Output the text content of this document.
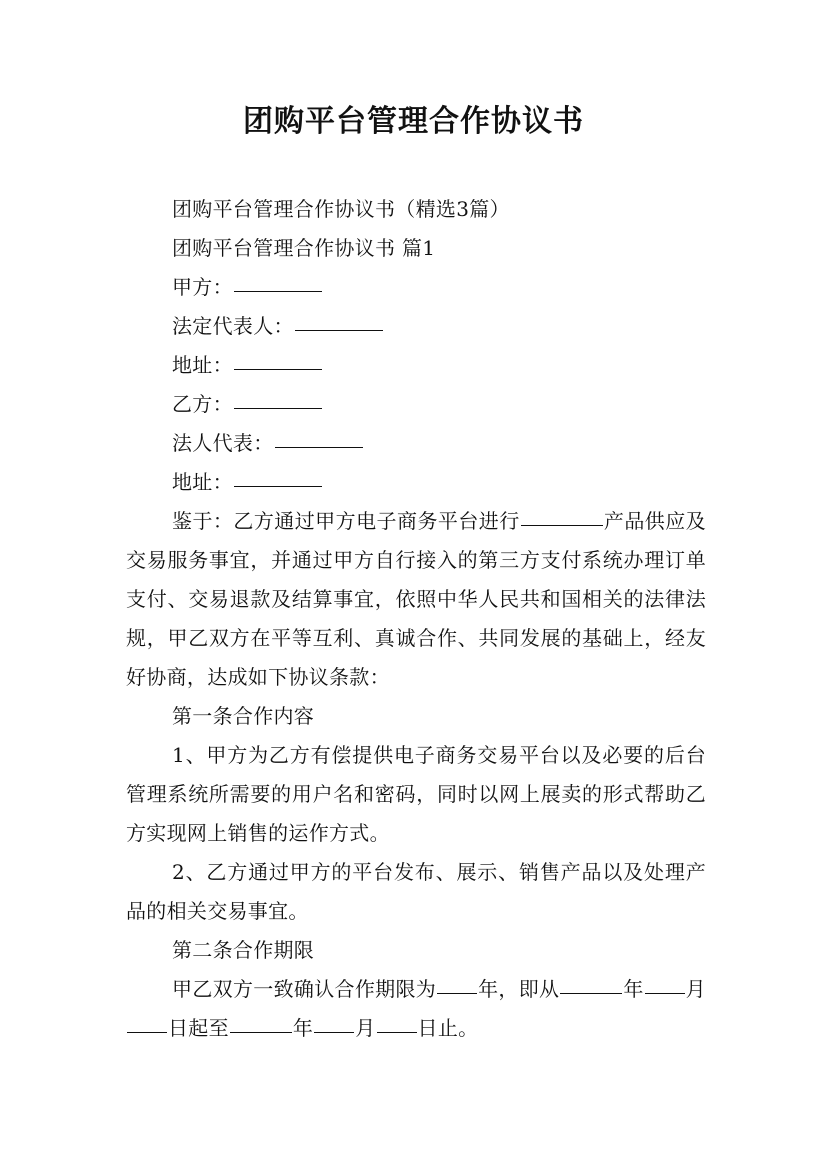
团购平台管理合作协议书

团购平台管理合作协议书（精选3篇）

团购平台管理合作协议书 篇1

甲方：

法定代表人：

地址：

乙方：

法人代表：

地址：

鉴于：乙方通过甲方电子商务平台进行	产品供应及交易服务事宜，并通过甲方自行接入的第三方支付系统办理订单支付、交易退款及结算事宜，依照中华人民共和国相关的法律法规，甲乙双方在平等互利、真诚合作、共同发展的基础上，经友好协商，达成如下协议条款：

第一条合作内容

1、甲方为乙方有偿提供电子商务交易平台以及必要的后台管理系统所需要的用户名和密码，同时以网上展卖的形式帮助乙方实现网上销售的运作方式。

2、乙方通过甲方的平台发布、展示、销售产品以及处理产品的相关交易事宜。

第二条合作期限

甲乙双方一致确认合作期限为 年，即从	年 月日起至	年 月 日止。
